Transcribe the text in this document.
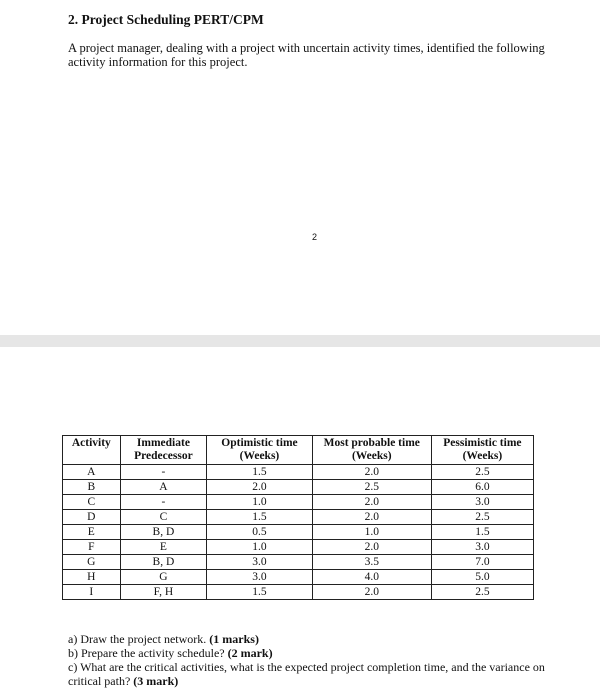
2. Project Scheduling PERT/CPM
A project manager, dealing with a project with uncertain activity times, identified the following activity information for this project.
2
Activity	Immediate Predecessor	Optimistic time (Weeks)	Most probable time (Weeks)	Pessimistic time (Weeks)
A	-	1.5	2.0	2.5
B	A	2.0	2.5	6.0
C	-	1.0	2.0	3.0
D	C	1.5	2.0	2.5
E	B, D	0.5	1.0	1.5
F	E	1.0	2.0	3.0
G	B, D	3.0	3.5	7.0
H	G	3.0	4.0	5.0
I	F, H	1.5	2.0	2.5

a) Draw the project network. (1 marks)

b) Prepare the activity schedule? (2 mark)

c) What are the critical activities, what is the expected project completion time, and the variance on critical path? (3 mark)
